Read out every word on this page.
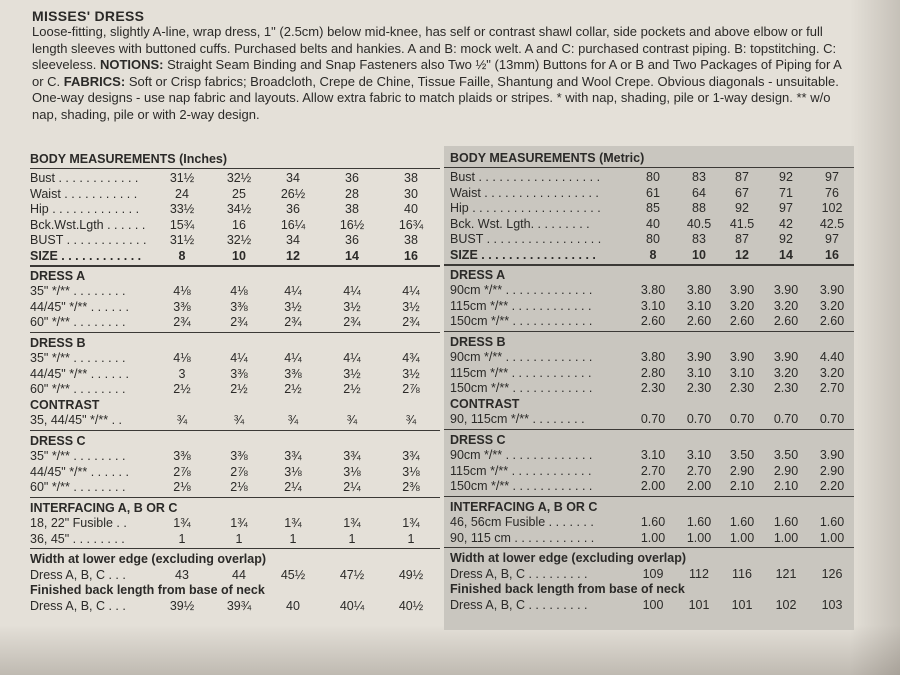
MISSES' DRESS

Loose-fitting, slightly A-line, wrap dress, 1" (2.5cm) below mid-knee, has self or contrast shawl collar, side pockets and above elbow or full length sleeves with buttoned cuffs. Purchased belts and hankies. A and B: mock welt. A and C: purchased contrast piping. B: topstitching. C: sleeveless. NOTIONS: Straight Seam Binding and Snap Fasteners also Two ½" (13mm) Buttons for A or B and Two Packages of Piping for A or C. FABRICS: Soft or Crisp fabrics; Broadcloth, Crepe de Chine, Tissue Faille, Shantung and Wool Crepe. Obvious diagonals - unsuitable. One-way designs - use nap fabric and layouts. Allow extra fabric to match plaids or stripes. * with nap, shading, pile or 1-way design. ** w/o nap, shading, pile or with 2-way design.

BODY MEASUREMENTS (Inches)
Bust . . . . . . . . . . . .	31½	32½	34	36	38
Waist . . . . . . . . . . .	24	25	26½	28	30
Hip . . . . . . . . . . . . .	33½	34½	36	38	40
Bck.Wst.Lgth . . . . . .	15¾	16	16¼	16½	16¾
BUST . . . . . . . . . . . .	31½	32½	34	36	38
SIZE . . . . . . . . . . . .	8	10	12	14	16
DRESS A
35" */** . . . . . . . .	4⅛	4⅛	4¼	4¼	4¼
44/45" */** . . . . . .	3⅜	3⅜	3½	3½	3½
60" */** . . . . . . . .	2¾	2¾	2¾	2¾	2¾
DRESS B
35" */** . . . . . . . .	4⅛	4¼	4¼	4¼	4¾
44/45" */** . . . . . .	3	3⅜	3⅜	3½	3½
60" */** . . . . . . . .	2½	2½	2½	2½	2⅞
CONTRAST
35, 44/45" */** . .	¾	¾	¾	¾	¾
DRESS C
35" */** . . . . . . . .	3⅜	3⅜	3¾	3¾	3¾
44/45" */** . . . . . .	2⅞	2⅞	3⅛	3⅛	3⅛
60" */** . . . . . . . .	2⅛	2⅛	2¼	2¼	2⅜
INTERFACING A, B OR C
18, 22" Fusible . .	1¾	1¾	1¾	1¾	1¾
36, 45" . . . . . . . .	1	1	1	1	1
Width at lower edge (excluding overlap)
Dress A, B, C . . .	43	44	45½	47½	49½
Finished back length from base of neck
Dress A, B, C . . .	39½	39¾	40	40¼	40½
BODY MEASUREMENTS (Metric)
Bust . . . . . . . . . . . . . . . . . .	80	83	87	92	97
Waist . . . . . . . . . . . . . . . . .	61	64	67	71	76
Hip . . . . . . . . . . . . . . . . . . .	85	88	92	97	102
Bck. Wst. Lgth. . . . . . . . .	40	40.5	41.5	42	42.5
BUST . . . . . . . . . . . . . . . . .	80	83	87	92	97
SIZE . . . . . . . . . . . . . . . . .	8	10	12	14	16
DRESS A
90cm */** . . . . . . . . . . . . .	3.80	3.80	3.90	3.90	3.90
115cm */** . . . . . . . . . . . .	3.10	3.10	3.20	3.20	3.20
150cm */** . . . . . . . . . . . .	2.60	2.60	2.60	2.60	2.60
DRESS B
90cm */** . . . . . . . . . . . . .	3.80	3.90	3.90	3.90	4.40
115cm */** . . . . . . . . . . . .	2.80	3.10	3.10	3.20	3.20
150cm */** . . . . . . . . . . . .	2.30	2.30	2.30	2.30	2.70
CONTRAST
90, 115cm */** . . . . . . . .	0.70	0.70	0.70	0.70	0.70
DRESS C
90cm */** . . . . . . . . . . . . .	3.10	3.10	3.50	3.50	3.90
115cm */** . . . . . . . . . . . .	2.70	2.70	2.90	2.90	2.90
150cm */** . . . . . . . . . . . .	2.00	2.00	2.10	2.10	2.20
INTERFACING A, B OR C
46, 56cm Fusible . . . . . . .	1.60	1.60	1.60	1.60	1.60
90, 115 cm . . . . . . . . . . . .	1.00	1.00	1.00	1.00	1.00
Width at lower edge (excluding overlap)
Dress A, B, C . . . . . . . . .	109	112	116	121	126
Finished back length from base of neck
Dress A, B, C . . . . . . . . .	100	101	101	102	103
